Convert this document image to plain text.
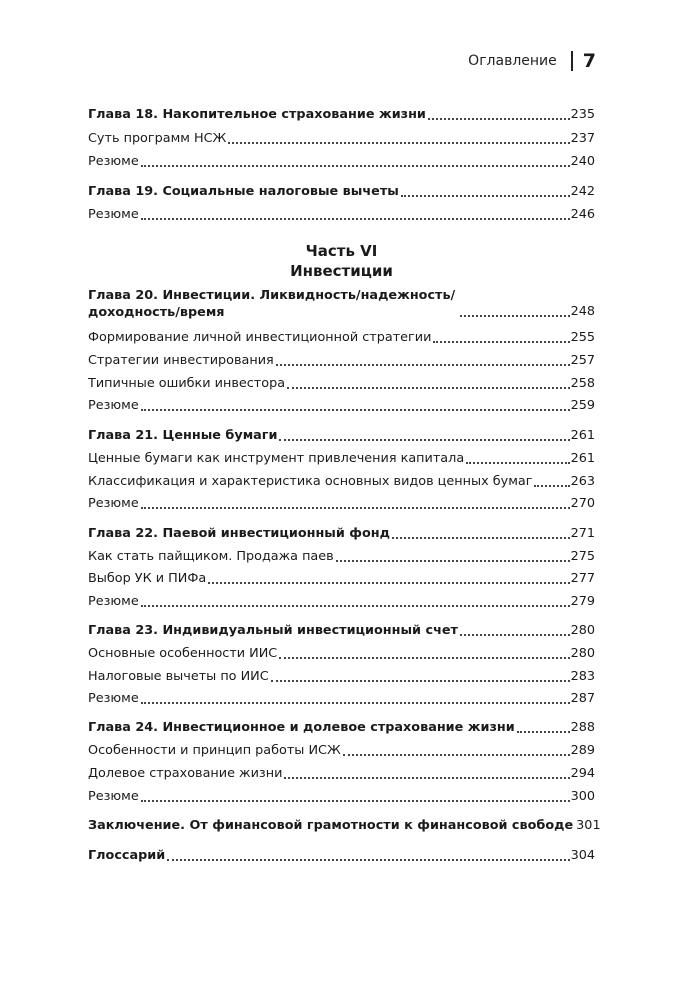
Оглавление 7
Глава 18. Накопительное страхование жизни	235
Суть программ НСЖ	237
Резюме	240
Глава 19. Социальные налоговые вычеты	242
Резюме	246
Глава 20. Инвестиции. Ликвидность/надежность/ доходность/время	248
Формирование личной инвестиционной стратегии	255
Стратегии инвестирования	257
Типичные ошибки инвестора	258
Резюме	259
Глава 21. Ценные бумаги	261
Ценные бумаги как инструмент привлечения капитала	261
Классификация и характеристика основных видов ценных бумаг	263
Резюме	270
Глава 22. Паевой инвестиционный фонд	271
Как стать пайщиком. Продажа паев	275
Выбор УК и ПИФа	277
Резюме	279
Глава 23. Индивидуальный инвестиционный счет	280
Основные особенности ИИС	280
Налоговые вычеты по ИИС	283
Резюме	287
Глава 24. Инвестиционное и долевое страхование жизни	288
Особенности и принцип работы ИСЖ	289
Долевое страхование жизни	294
Резюме	300
Заключение. От финансовой грамотности к финансовой свободе 301
Глоссарий	304
Часть VI
Инвестиции
